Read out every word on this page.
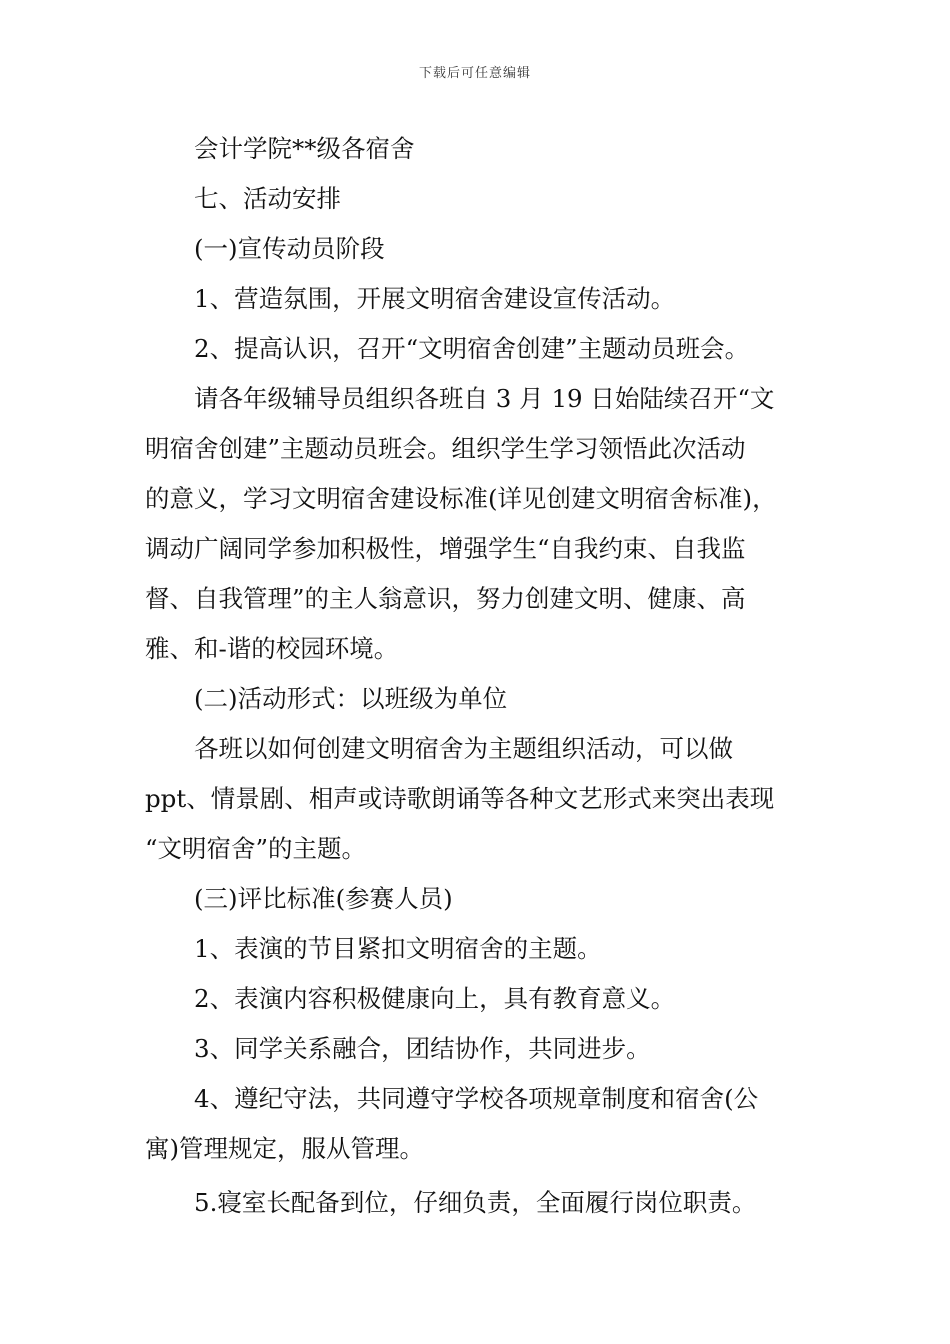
下载后可任意编辑
会计学院**级各宿舍
七、活动安排
(一)宣传动员阶段
1、营造氛围，开展文明宿舍建设宣传活动。
2、提高认识，召开“文明宿舍创建”主题动员班会。
请各年级辅导员组织各班自 3 月 19 日始陆续召开“文
明宿舍创建”主题动员班会。组织学生学习领悟此次活动
的意义，学习文明宿舍建设标准(详见创建文明宿舍标准)，
调动广阔同学参加积极性，增强学生“自我约束、自我监
督、自我管理”的主人翁意识，努力创建文明、健康、高
雅、和-谐的校园环境。
(二)活动形式：以班级为单位
各班以如何创建文明宿舍为主题组织活动，可以做
ppt、情景剧、相声或诗歌朗诵等各种文艺形式来突出表现
“文明宿舍”的主题。
(三)评比标准(参赛人员)
1、表演的节目紧扣文明宿舍的主题。
2、表演内容积极健康向上，具有教育意义。
3、同学关系融合，团结协作，共同进步。
4、遵纪守法，共同遵守学校各项规章制度和宿舍(公
寓)管理规定，服从管理。
5.寝室长配备到位，仔细负责，全面履行岗位职责。
